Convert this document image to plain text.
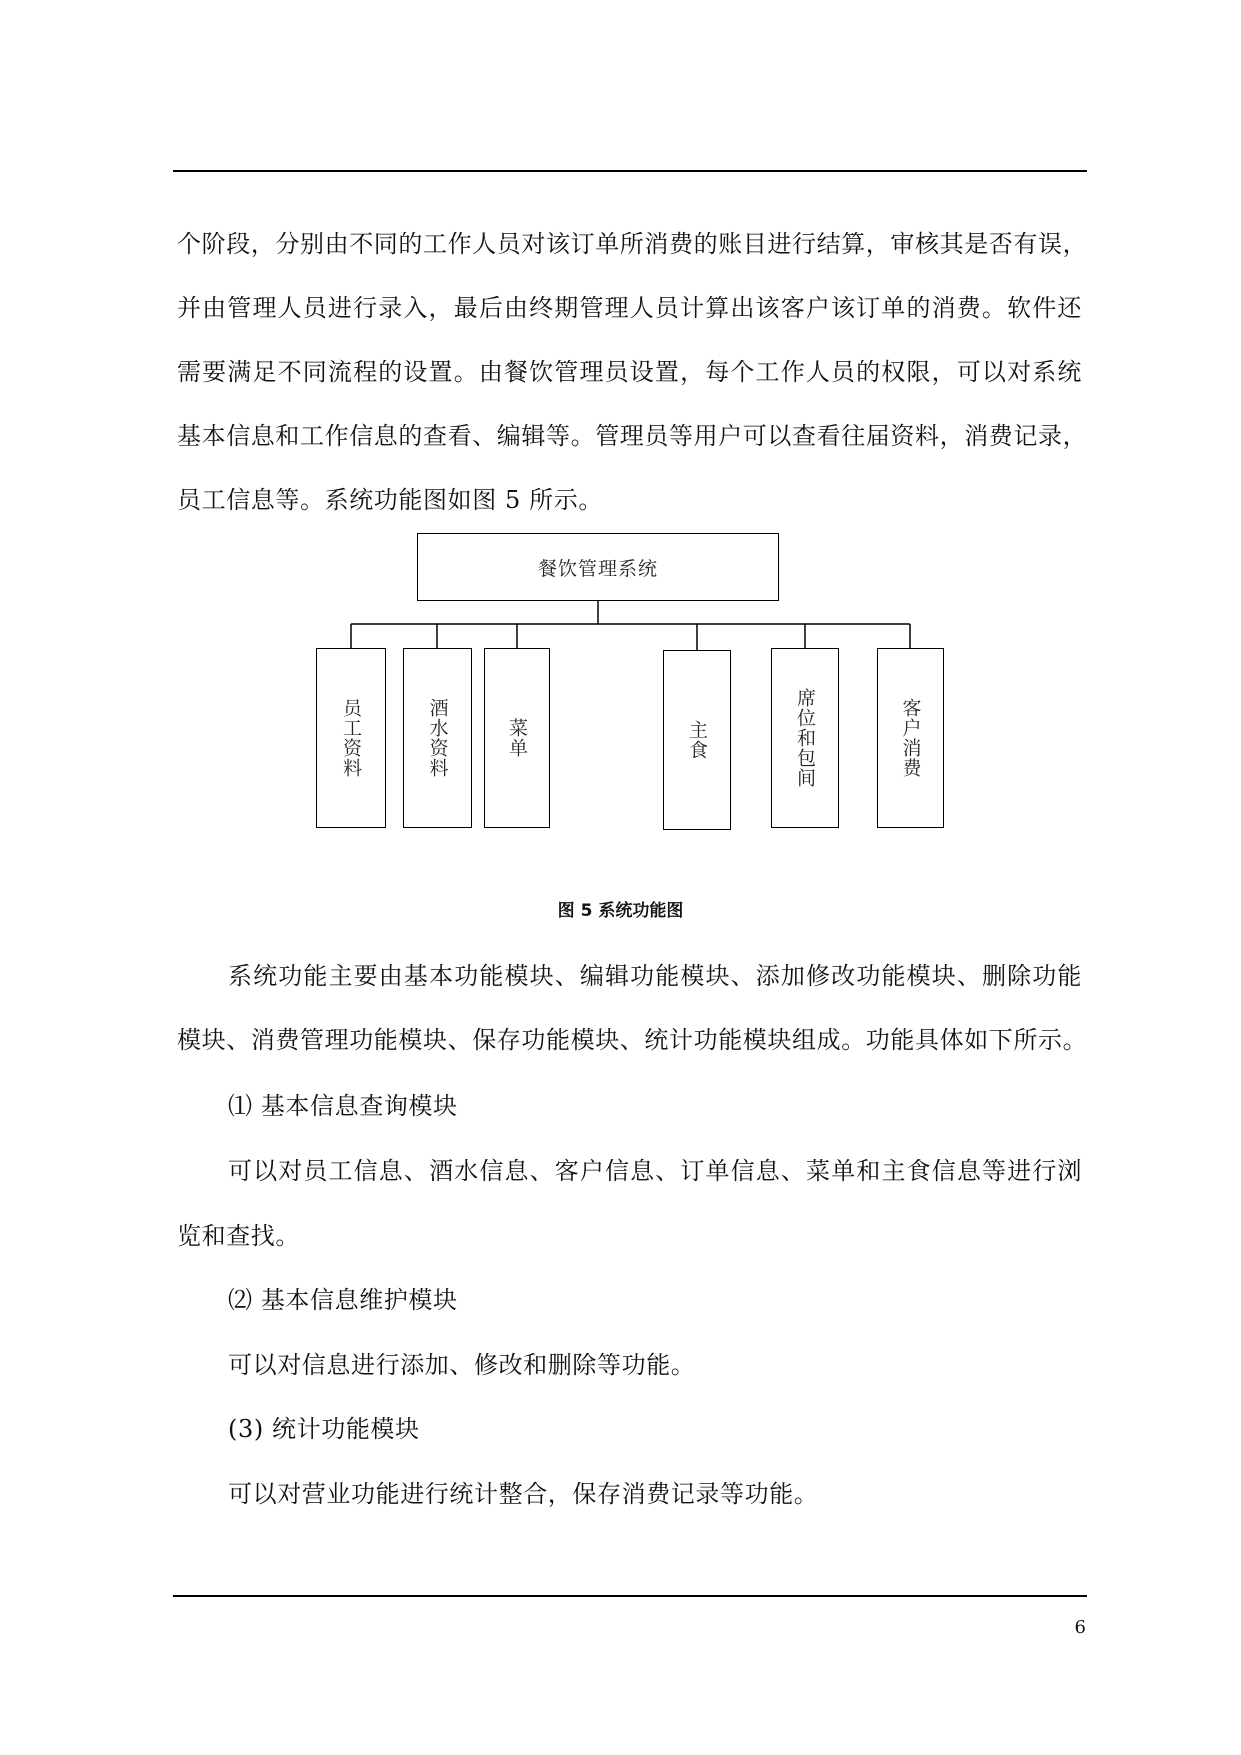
个阶段，分别由不同的工作人员对该订单所消费的账目进行结算，审核其是否有误，
并由管理人员进行录入，最后由终期管理人员计算出该客户该订单的消费。软件还
需要满足不同流程的设置。由餐饮管理员设置，每个工作人员的权限，可以对系统
基本信息和工作信息的查看、编辑等。管理员等用户可以查看往届资料，消费记录，
员工信息等。系统功能图如图 5 所示。
餐饮管理系统
员工资料	酒水资料	菜单	主食	席位和包间	客户消费
图 5 系统功能图
系统功能主要由基本功能模块、编辑功能模块、添加修改功能模块、删除功能
模块、消费管理功能模块、保存功能模块、统计功能模块组成。功能具体如下所示。
⑴ 基本信息查询模块
可以对员工信息、酒水信息、客户信息、订单信息、菜单和主食信息等进行浏
览和查找。
⑵ 基本信息维护模块
可以对信息进行添加、修改和删除等功能。
(3) 统计功能模块
可以对营业功能进行统计整合，保存消费记录等功能。
6
